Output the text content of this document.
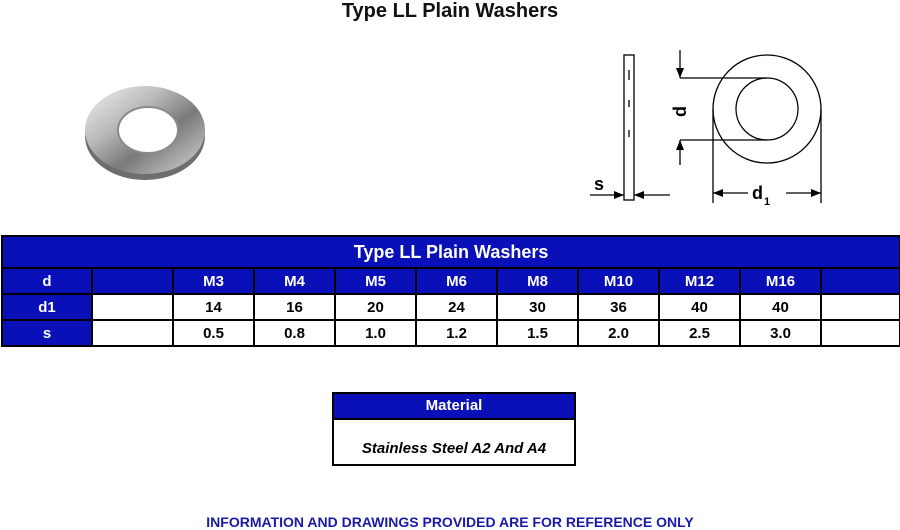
Type LL Plain Washers
d
d 1
s
Type LL Plain Washers										
d		M3	M4	M5	M6	M8	M10	M12	M16	
d1		14	16	20	24	30	36	40	40	
s		0.5	0.8	1.0	1.2	1.5	2.0	2.5	3.0	
Material
Stainless Steel A2 And A4
INFORMATION AND DRAWINGS PROVIDED ARE FOR REFERENCE ONLY
